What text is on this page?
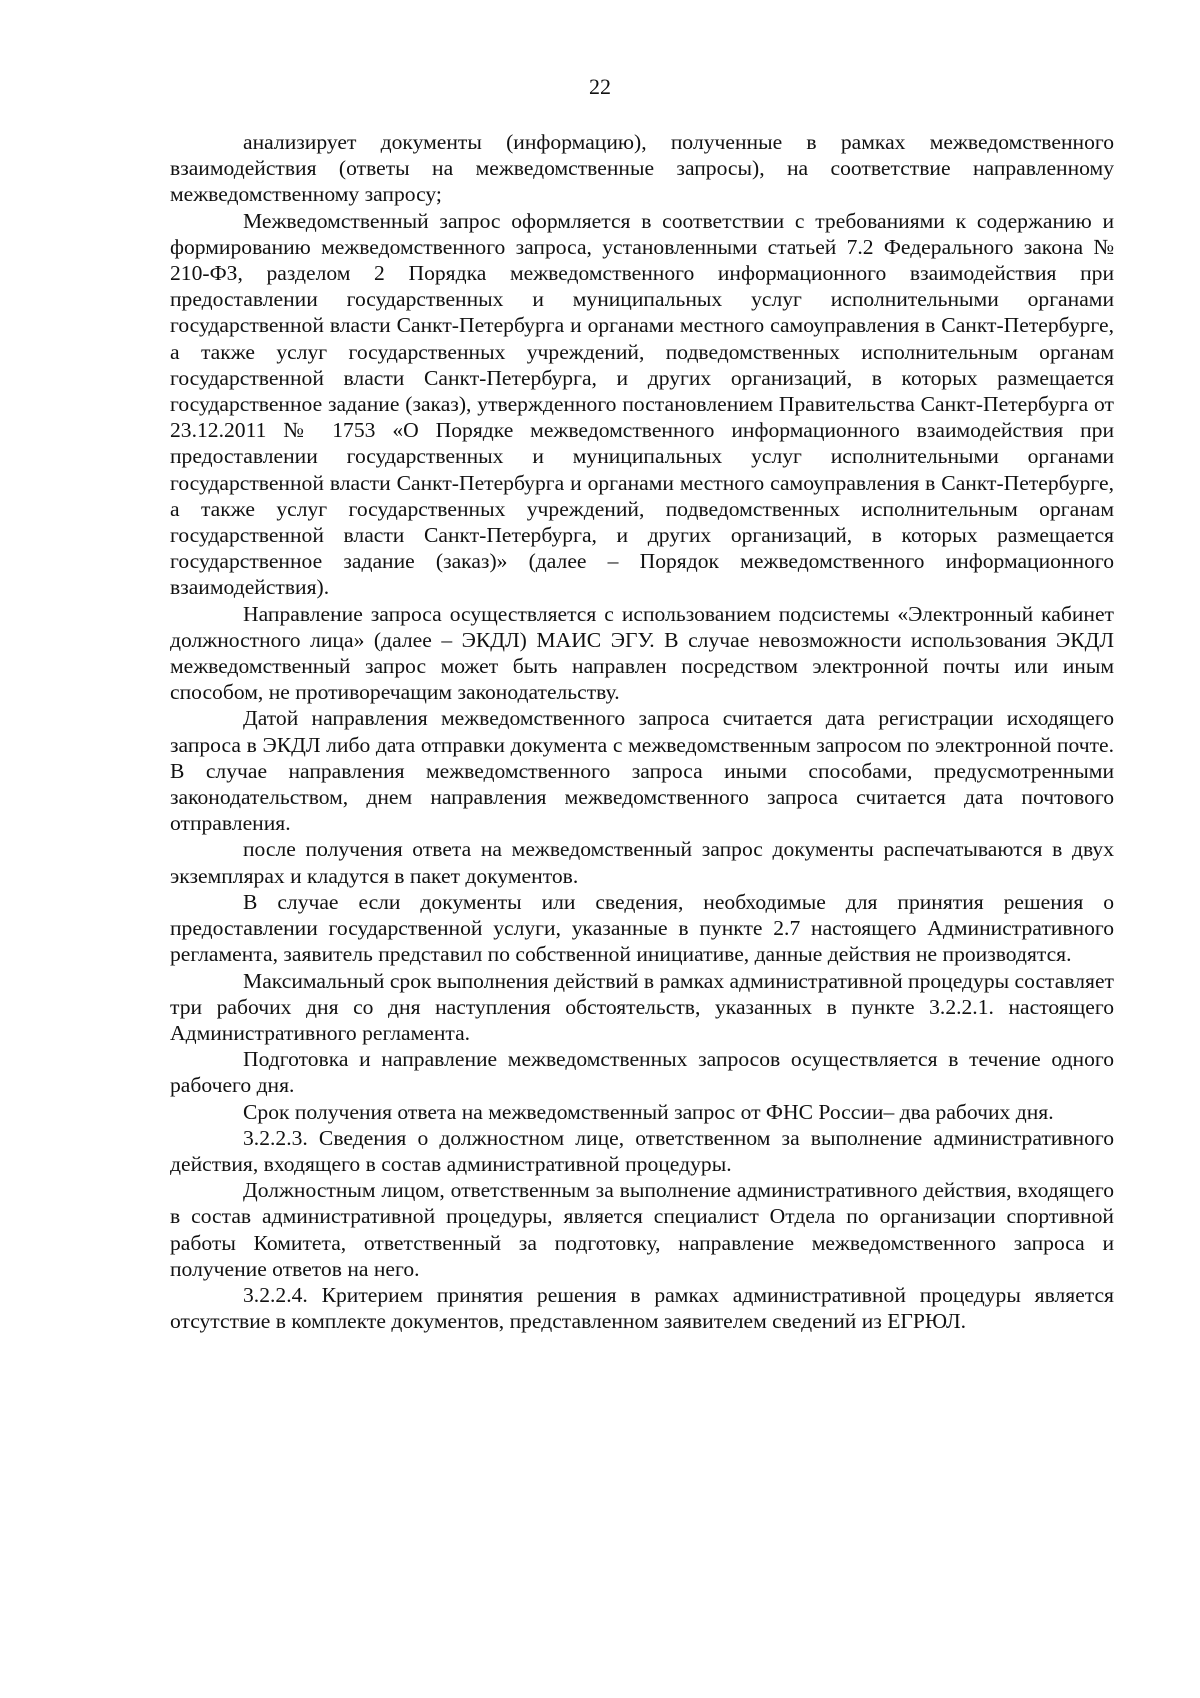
22

анализирует документы (информацию), полученные в рамках межведомственного взаимодействия (ответы на межведомственные запросы), на соответствие направленному межведомственному запросу;

Межведомственный запрос оформляется в соответствии с требованиями к содержанию и формированию межведомственного запроса, установленными статьей 7.2 Федерального закона № 210-ФЗ, разделом 2 Порядка межведомственного информационного взаимодействия при предоставлении государственных и муниципальных услуг исполнительными органами государственной власти Санкт-Петербурга и органами местного самоуправления в Санкт-Петербурге, а также услуг государственных учреждений, подведомственных исполнительным органам государственной власти Санкт-Петербурга, и других организаций, в которых размещается государственное задание (заказ), утвержденного постановлением Правительства Санкт-Петербурга от 23.12.2011 № 1753 «О Порядке межведомственного информационного взаимодействия при предоставлении государственных и муниципальных услуг исполнительными органами государственной власти Санкт-Петербурга и органами местного самоуправления в Санкт-Петербурге, а также услуг государственных учреждений, подведомственных исполнительным органам государственной власти Санкт-Петербурга, и других организаций, в которых размещается государственное задание (заказ)» (далее – Порядок межведомственного информационного взаимодействия).

Направление запроса осуществляется с использованием подсистемы «Электронный кабинет должностного лица» (далее – ЭКДЛ) МАИС ЭГУ. В случае невозможности использования ЭКДЛ межведомственный запрос может быть направлен посредством электронной почты или иным способом, не противоречащим законодательству.

Датой направления межведомственного запроса считается дата регистрации исходящего запроса в ЭКДЛ либо дата отправки документа с межведомственным запросом по электронной почте. В случае направления межведомственного запроса иными способами, предусмотренными законодательством, днем направления межведомственного запроса считается дата почтового отправления.

после получения ответа на межведомственный запрос документы распечатываются в двух экземплярах и кладутся в пакет документов.

В случае если документы или сведения, необходимые для принятия решения о предоставлении государственной услуги, указанные в пункте 2.7 настоящего Административного регламента, заявитель представил по собственной инициативе, данные действия не производятся.

Максимальный срок выполнения действий в рамках административной процедуры составляет три рабочих дня со дня наступления обстоятельств, указанных в пункте 3.2.2.1. настоящего Административного регламента.

Подготовка и направление межведомственных запросов осуществляется в течение одного рабочего дня.

Срок получения ответа на межведомственный запрос от ФНС России– два рабочих дня.

3.2.2.3. Сведения о должностном лице, ответственном за выполнение административного действия, входящего в состав административной процедуры.

Должностным лицом, ответственным за выполнение административного действия, входящего в состав административной процедуры, является специалист Отдела по организации спортивной работы Комитета, ответственный за подготовку, направление межведомственного запроса и получение ответов на него.

3.2.2.4. Критерием принятия решения в рамках административной процедуры является отсутствие в комплекте документов, представленном заявителем сведений из ЕГРЮЛ.
